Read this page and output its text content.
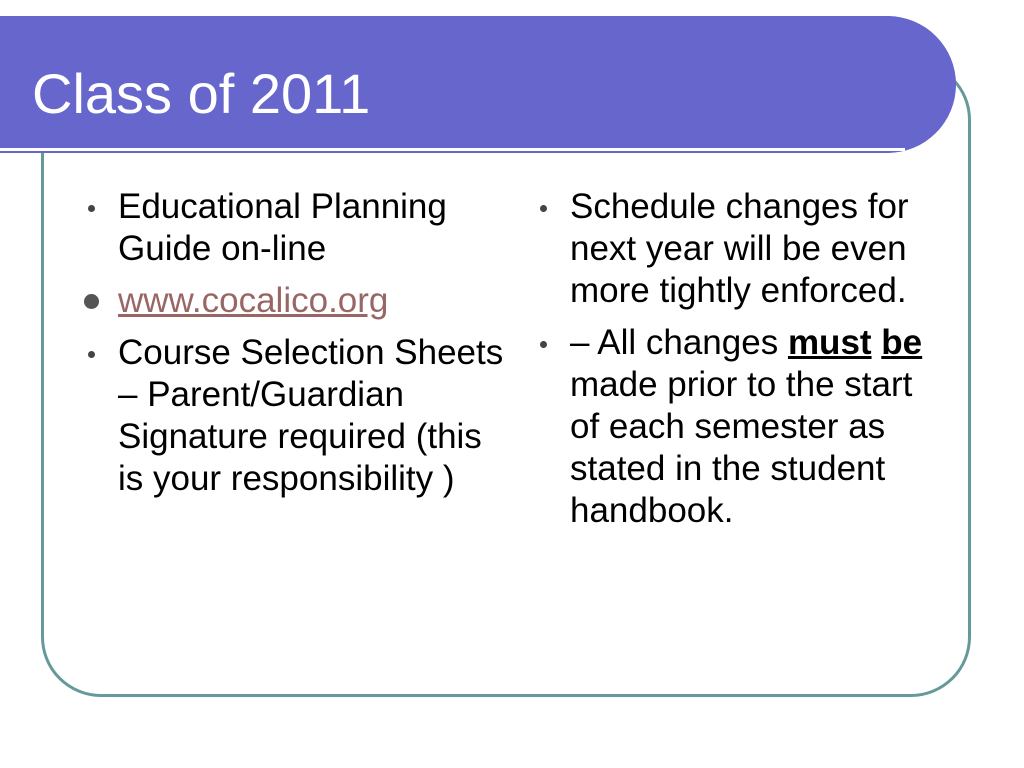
Class of 2011
Educational Planning Guide on-line
www.cocalico.org
Course Selection Sheets – Parent/Guardian Signature required (this is your responsibility )
Schedule changes for next year will be even more tightly enforced.
– All changes must be made prior to the start of each semester as stated in the student handbook.
